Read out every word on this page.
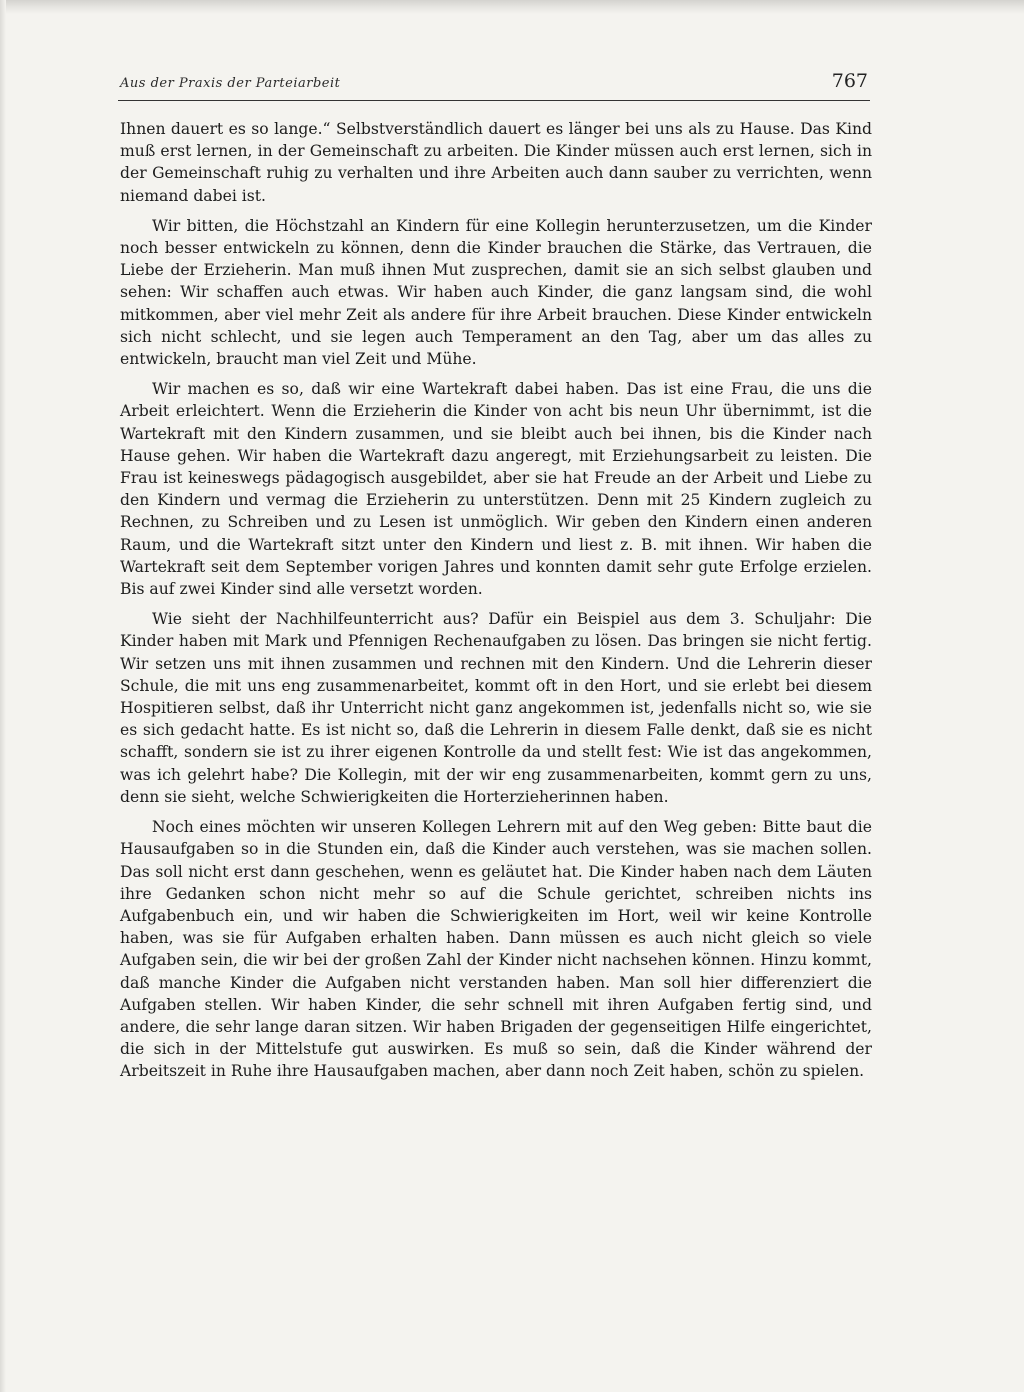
Aus der Praxis der Parteiarbeit	767

Ihnen dauert es so lange.“ Selbstverständlich dauert es länger bei uns als zu Hause. Das Kind muß erst lernen, in der Gemeinschaft zu arbeiten. Die Kinder müssen auch erst lernen, sich in der Gemeinschaft ruhig zu verhalten und ihre Arbeiten auch dann sauber zu verrichten, wenn niemand dabei ist.

Wir bitten, die Höchstzahl an Kindern für eine Kollegin herunterzusetzen, um die Kinder noch besser entwickeln zu können, denn die Kinder brauchen die Stärke, das Vertrauen, die Liebe der Erzieherin. Man muß ihnen Mut zusprechen, damit sie an sich selbst glauben und sehen: Wir schaffen auch etwas. Wir haben auch Kinder, die ganz langsam sind, die wohl mitkommen, aber viel mehr Zeit als andere für ihre Arbeit brauchen. Diese Kinder entwickeln sich nicht schlecht, und sie legen auch Temperament an den Tag, aber um das alles zu entwickeln, braucht man viel Zeit und Mühe.

Wir machen es so, daß wir eine Wartekraft dabei haben. Das ist eine Frau, die uns die Arbeit erleichtert. Wenn die Erzieherin die Kinder von acht bis neun Uhr übernimmt, ist die Wartekraft mit den Kindern zusammen, und sie bleibt auch bei ihnen, bis die Kinder nach Hause gehen. Wir haben die Wartekraft dazu angeregt, mit Erziehungsarbeit zu leisten. Die Frau ist keineswegs pädagogisch ausgebildet, aber sie hat Freude an der Arbeit und Liebe zu den Kindern und vermag die Erzieherin zu unterstützen. Denn mit 25 Kindern zugleich zu Rechnen, zu Schreiben und zu Lesen ist unmöglich. Wir geben den Kindern einen anderen Raum, und die Wartekraft sitzt unter den Kindern und liest z. B. mit ihnen. Wir haben die Wartekraft seit dem September vorigen Jahres und konnten damit sehr gute Erfolge erzielen. Bis auf zwei Kinder sind alle versetzt worden.

Wie sieht der Nachhilfeunterricht aus? Dafür ein Beispiel aus dem 3. Schuljahr: Die Kinder haben mit Mark und Pfennigen Rechenaufgaben zu lösen. Das bringen sie nicht fertig. Wir setzen uns mit ihnen zusammen und rechnen mit den Kindern. Und die Lehrerin dieser Schule, die mit uns eng zusammenarbeitet, kommt oft in den Hort, und sie erlebt bei diesem Hospitieren selbst, daß ihr Unterricht nicht ganz angekommen ist, jedenfalls nicht so, wie sie es sich gedacht hatte. Es ist nicht so, daß die Lehrerin in diesem Falle denkt, daß sie es nicht schafft, sondern sie ist zu ihrer eigenen Kontrolle da und stellt fest: Wie ist das angekommen, was ich gelehrt habe? Die Kollegin, mit der wir eng zusammenarbeiten, kommt gern zu uns, denn sie sieht, welche Schwierigkeiten die Horterzieherinnen haben.

Noch eines möchten wir unseren Kollegen Lehrern mit auf den Weg geben: Bitte baut die Hausaufgaben so in die Stunden ein, daß die Kinder auch verstehen, was sie machen sollen. Das soll nicht erst dann geschehen, wenn es geläutet hat. Die Kinder haben nach dem Läuten ihre Gedanken schon nicht mehr so auf die Schule gerichtet, schreiben nichts ins Aufgabenbuch ein, und wir haben die Schwierigkeiten im Hort, weil wir keine Kontrolle haben, was sie für Aufgaben erhalten haben. Dann müssen es auch nicht gleich so viele Aufgaben sein, die wir bei der großen Zahl der Kinder nicht nachsehen können. Hinzu kommt, daß manche Kinder die Aufgaben nicht verstanden haben. Man soll hier differenziert die Aufgaben stellen. Wir haben Kinder, die sehr schnell mit ihren Aufgaben fertig sind, und andere, die sehr lange daran sitzen. Wir haben Brigaden der gegenseitigen Hilfe eingerichtet, die sich in der Mittelstufe gut auswirken. Es muß so sein, daß die Kinder während der Arbeitszeit in Ruhe ihre Hausaufgaben machen, aber dann noch Zeit haben, schön zu spielen.
